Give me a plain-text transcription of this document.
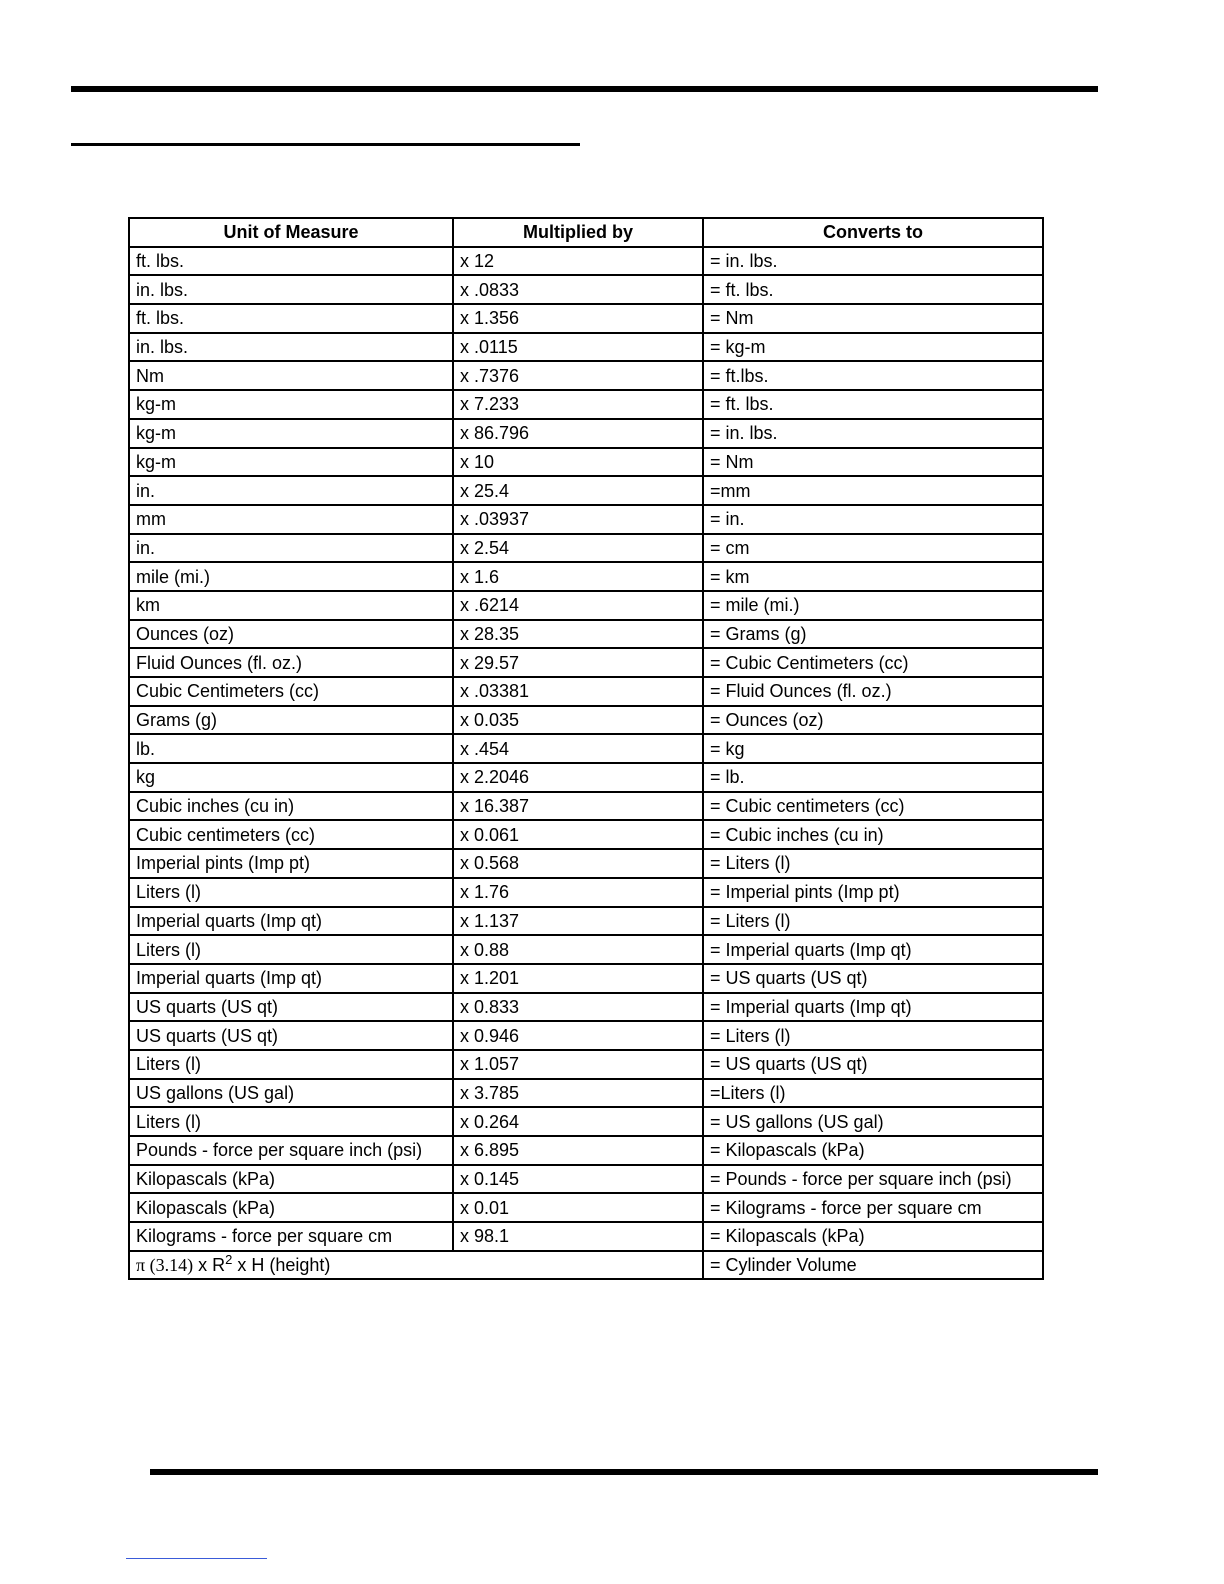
Unit of Measure	Multiplied by	Converts to
ft. lbs.	x 12	= in. lbs.
in. lbs.	x .0833	= ft. lbs.
ft. lbs.	x 1.356	= Nm
in. lbs.	x .0115	= kg-m
Nm	x .7376	= ft.lbs.
kg-m	x 7.233	= ft. lbs.
kg-m	x 86.796	= in. lbs.
kg-m	x 10	= Nm
in.	x 25.4	=mm
mm	x .03937	= in.
in.	x 2.54	= cm
mile (mi.)	x 1.6	= km
km	x .6214	= mile (mi.)
Ounces (oz)	x 28.35	= Grams (g)
Fluid Ounces (fl. oz.)	x 29.57	= Cubic Centimeters (cc)
Cubic Centimeters (cc)	x .03381	= Fluid Ounces (fl. oz.)
Grams (g)	x 0.035	= Ounces (oz)
lb.	x .454	= kg
kg	x 2.2046	= lb.
Cubic inches (cu in)	x 16.387	= Cubic centimeters (cc)
Cubic centimeters (cc)	x 0.061	= Cubic inches (cu in)
Imperial pints (Imp pt)	x 0.568	= Liters (l)
Liters (l)	x 1.76	= Imperial pints (Imp pt)
Imperial quarts (Imp qt)	x 1.137	= Liters (l)
Liters (l)	x 0.88	= Imperial quarts (Imp qt)
Imperial quarts (Imp qt)	x 1.201	= US quarts (US qt)
US quarts (US qt)	x 0.833	= Imperial quarts (Imp qt)
US quarts (US qt)	x 0.946	= Liters (l)
Liters (l)	x 1.057	= US quarts (US qt)
US gallons (US gal)	x 3.785	=Liters (l)
Liters (l)	x 0.264	= US gallons (US gal)
Pounds - force per square inch (psi)	x 6.895	= Kilopascals (kPa)
Kilopascals (kPa)	x 0.145	= Pounds - force per square inch (psi)
Kilopascals (kPa)	x 0.01	= Kilograms - force per square cm
Kilograms - force per square cm	x 98.1	= Kilopascals (kPa)
π (3.14) x $R^2$ x H (height)		= Cylinder Volume
